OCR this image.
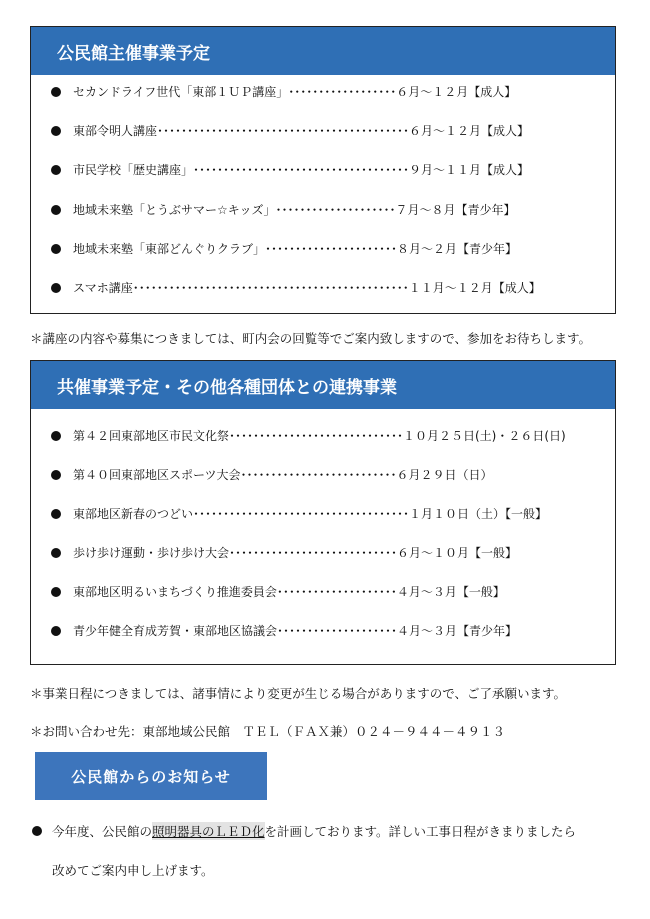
公民館主催事業予定
セカンドライフ世代「東部１ＵＰ講座」･･････････････････６月～１２月【成人】
東部令明人講座･･････････････････････････････････････････６月～１２月【成人】
市民学校「歴史講座」････････････････････････････････････９月～１１月【成人】
地域未来塾「とうぶサマー☆キッズ」････････････････････７月～８月【青少年】
地域未来塾「東部どんぐりクラブ」･･････････････････････８月～２月【青少年】
スマホ講座･･････････････････････････････････････････････１１月～１２月【成人】
＊講座の内容や募集につきましては、町内会の回覧等でご案内致しますので、参加をお待ちします。
共催事業予定・その他各種団体との連携事業
第４２回東部地区市民文化祭･････････････････････････････１０月２５日(土)・２６日(日)
第４０回東部地区スポーツ大会･･････････････････････････６月２９日（日）
東部地区新春のつどい････････････････････････････････････１月１０日（土）【一般】
歩け歩け運動・歩け歩け大会････････････････････････････６月～１０月【一般】
東部地区明るいまちづくり推進委員会････････････････････４月～３月【一般】
青少年健全育成芳賀・東部地区協議会････････････････････４月～３月【青少年】
＊事業日程につきましては、諸事情により変更が生じる場合がありますので、ご了承願います。
＊お問い合わせ先：東部地域公民館　ＴＥＬ（ＦＡＸ兼）０２４－９４４－４９１３
公民館からのお知らせ
今年度、公民館の 照明器具のＬＥＤ化 を計画しております。詳しい工事日程がきまりましたら
改めてご案内申し上げます。
